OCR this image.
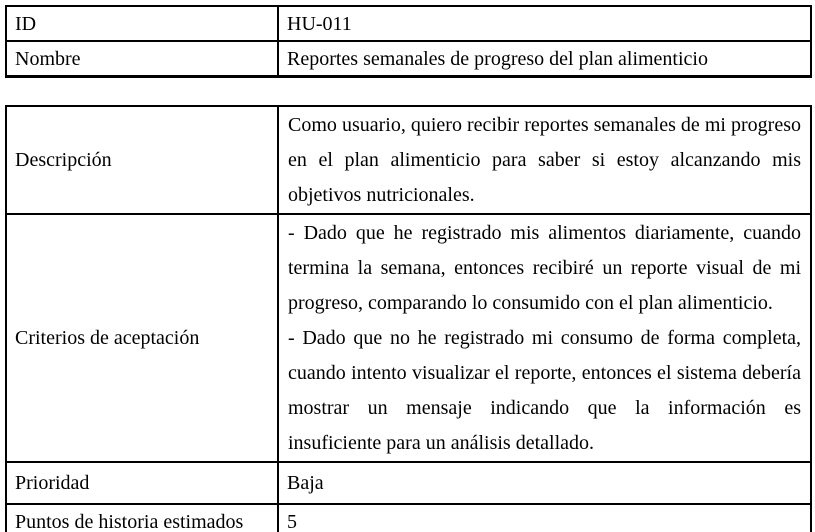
ID	HU-011
Nombre	Reportes semanales de progreso del plan alimenticio
Descripción	Como usuario, quiero recibir reportes semanales de mi progreso en el plan alimenticio para saber si estoy alcanzando mis objetivos nutricionales.

Criterios de aceptación	- Dado que he registrado mis alimentos diariamente, cuando termina la semana, entonces recibiré un reporte visual de mi progreso, comparando lo consumido con el plan alimenticio.

- Dado que no he registrado mi consumo de forma completa, cuando intento visualizar el reporte, entonces el sistema debería mostrar un mensaje indicando que la información es insuficiente para un análisis detallado.

Prioridad	Baja
Puntos de historia estimados	5
